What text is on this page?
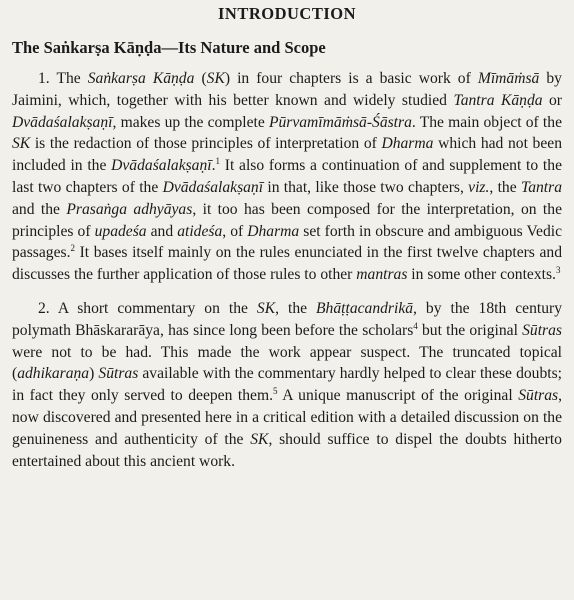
INTRODUCTION
The Saṅkarṣa Kāṇḍa—Its Nature and Scope
1. The Saṅkarṣa Kāṇḍa (SK) in four chapters is a basic work of Mīmāṁsā by Jaimini, which, together with his better known and widely studied Tantra Kāṇḍa or Dvādaśalakṣaṇī, makes up the complete Pūrvamīmāṁsā-Śāstra. The main object of the SK is the redaction of those principles of interpretation of Dharma which had not been included in the Dvādaśalakṣaṇī.$^1$ It also forms a continuation of and supplement to the last two chapters of the Dvādaśalakṣaṇī in that, like those two chapters, viz., the Tantra and the Prasaṅga adhyāyas, it too has been composed for the interpretation, on the principles of upadeśa and atideśa, of Dharma set forth in obscure and ambiguous Vedic passages.$^2$ It bases itself mainly on the rules enunciated in the first twelve chapters and discusses the further application of those rules to other mantras in some other contexts.$^3$
2. A short commentary on the SK, the Bhāṭṭacandrikā, by the 18th century polymath Bhāskararāya, has since long been before the scholars$^4$ but the original Sūtras were not to be had. This made the work appear suspect. The truncated topical (adhikaraṇa) Sūtras available with the commentary hardly helped to clear these doubts; in fact they only served to deepen them.$^5$ A unique manuscript of the original Sūtras, now discovered and presented here in a critical edition with a detailed discussion on the genuineness and authenticity of the SK, should suffice to dispel the doubts hitherto entertained about this ancient work.
